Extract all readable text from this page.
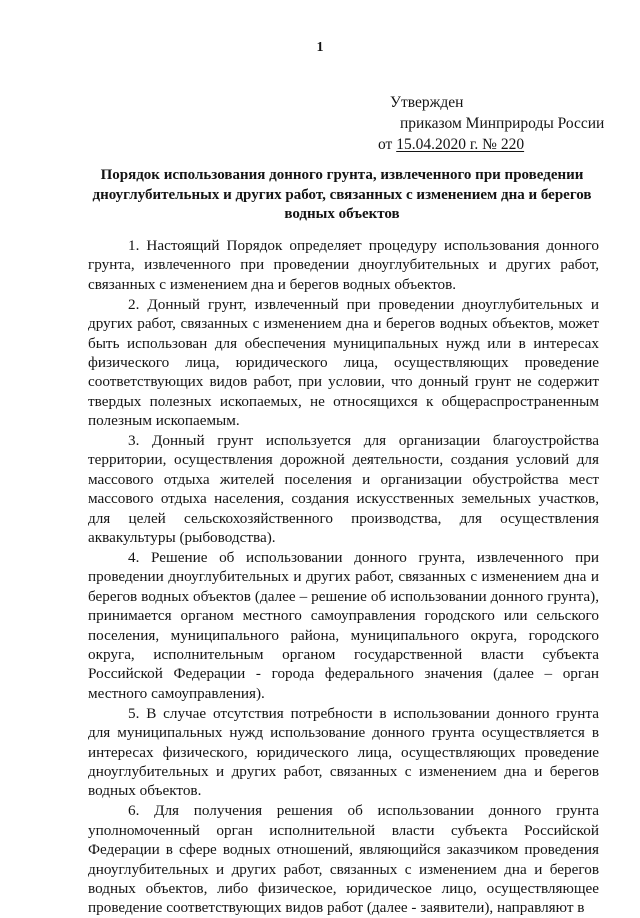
1
Утвержден
приказом Минприроды России
от 15.04.2020 г. № 220
Порядок использования донного грунта, извлеченного при проведении дноуглубительных и других работ, связанных с изменением дна и берегов водных объектов

1. Настоящий Порядок определяет процедуру использования донного грунта, извлеченного при проведении дноуглубительных и других работ, связанных с изменением дна и берегов водных объектов.

2. Донный грунт, извлеченный при проведении дноуглубительных и других работ, связанных с изменением дна и берегов водных объектов, может быть использован для обеспечения муниципальных нужд или в интересах физического лица, юридического лица, осуществляющих проведение соответствующих видов работ, при условии, что донный грунт не содержит твердых полезных ископаемых, не относящихся к общераспространенным полезным ископаемым.

3. Донный грунт используется для организации благоустройства территории, осуществления дорожной деятельности, создания условий для массового отдыха жителей поселения и организации обустройства мест массового отдыха населения, создания искусственных земельных участков, для целей сельскохозяйственного производства, для осуществления аквакультуры (рыбоводства).

4. Решение об использовании донного грунта, извлеченного при проведении дноуглубительных и других работ, связанных с изменением дна и берегов водных объектов (далее – решение об использовании донного грунта), принимается органом местного самоуправления городского или сельского поселения, муниципального района, муниципального округа, городского округа, исполнительным органом государственной власти субъекта Российской Федерации - города федерального значения (далее – орган местного самоуправления).

5. В случае отсутствия потребности в использовании донного грунта для муниципальных нужд использование донного грунта осуществляется в интересах физического, юридического лица, осуществляющих проведение дноуглубительных и других работ, связанных с изменением дна и берегов водных объектов.

6. Для получения решения об использовании донного грунта уполномоченный орган исполнительной власти субъекта Российской Федерации в сфере водных отношений, являющийся заказчиком проведения дноуглубительных и других работ, связанных с изменением дна и берегов водных объектов, либо физическое, юридическое лицо, осуществляющее проведение соответствующих видов работ (далее - заявители), направляют в
